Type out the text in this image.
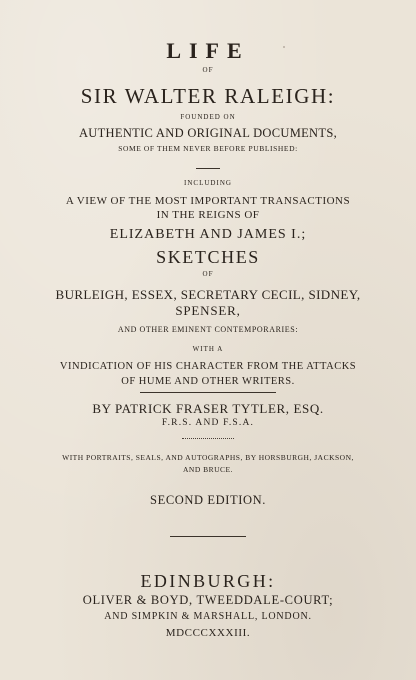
LIFE
OF
SIR WALTER RALEIGH:
FOUNDED ON
AUTHENTIC AND ORIGINAL DOCUMENTS,
SOME OF THEM NEVER BEFORE PUBLISHED:
INCLUDING
A VIEW OF THE MOST IMPORTANT TRANSACTIONS
IN THE REIGNS OF
ELIZABETH AND JAMES I.;
SKETCHES
OF
BURLEIGH, ESSEX, SECRETARY CECIL, SIDNEY,
SPENSER,
AND OTHER EMINENT CONTEMPORARIES:
WITH A
VINDICATION OF HIS CHARACTER FROM THE ATTACKS
OF HUME AND OTHER WRITERS.
BY PATRICK FRASER TYTLER, ESQ.
F.R.S. AND F.S.A.
WITH PORTRAITS, SEALS, AND AUTOGRAPHS, BY HORSBURGH, JACKSON,
AND BRUCE.
SECOND EDITION.
EDINBURGH:
OLIVER & BOYD, TWEEDDALE-COURT;
AND SIMPKIN & MARSHALL, LONDON.
MDCCCXXXIII.
